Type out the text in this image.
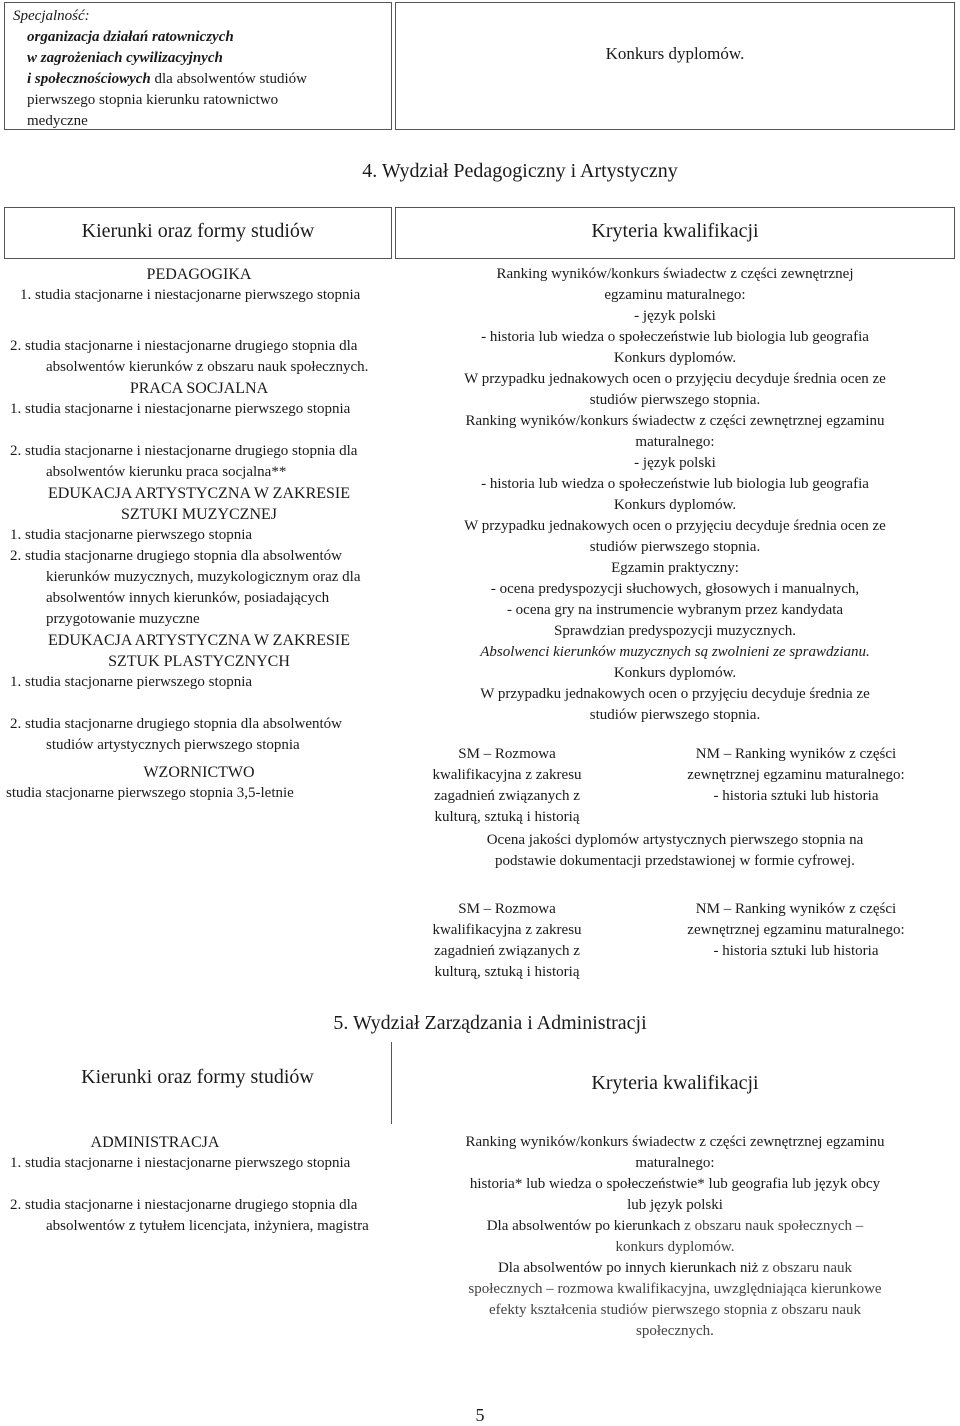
Specjalność:

organizacja działań ratowniczych

w zagrożeniach cywilizacyjnych

i społecznościowych dla absolwentów studiów

pierwszego stopnia kierunku ratownictwo

medyczne

Konkurs dyplomów.

4. Wydział Pedagogiczny i Artystyczny

Kierunki oraz formy studiów	Kryteria kwalifikacji

PEDAGOGIKA

1. studia stacjonarne i niestacjonarne pierwszego stopnia

2. studia stacjonarne i niestacjonarne drugiego stopnia dla absolwentów kierunków z obszaru nauk społecznych.

PRACA SOCJALNA

1. studia stacjonarne i niestacjonarne pierwszego stopnia

2. studia stacjonarne i niestacjonarne drugiego stopnia dla absolwentów kierunku praca socjalna**

EDUKACJA ARTYSTYCZNA W ZAKRESIE

SZTUKI MUZYCZNEJ

1. studia stacjonarne pierwszego stopnia

2. studia stacjonarne drugiego stopnia dla absolwentów kierunków muzycznych, muzykologicznym oraz dla absolwentów innych kierunków, posiadających przygotowanie muzyczne

EDUKACJA ARTYSTYCZNA W ZAKRESIE

SZTUK PLASTYCZNYCH

1. studia stacjonarne pierwszego stopnia

2. studia stacjonarne drugiego stopnia dla absolwentów studiów artystycznych pierwszego stopnia

WZORNICTWO

studia stacjonarne pierwszego stopnia 3,5-letnie

Ranking wyników/konkurs świadectw z części zewnętrznej

egzaminu maturalnego:

- język polski

- historia lub wiedza o społeczeństwie lub biologia lub geografia

Konkurs dyplomów.

W przypadku jednakowych ocen o przyjęciu decyduje średnia ocen ze

studiów pierwszego stopnia.

Ranking wyników/konkurs świadectw z części zewnętrznej egzaminu

maturalnego:

- język polski

- historia lub wiedza o społeczeństwie lub biologia lub geografia

Konkurs dyplomów.

W przypadku jednakowych ocen o przyjęciu decyduje średnia ocen ze

studiów pierwszego stopnia.

Egzamin praktyczny:

- ocena predyspozycji słuchowych, głosowych i manualnych,

- ocena gry na instrumencie wybranym przez kandydata

Sprawdzian predyspozycji muzycznych.

Absolwenci kierunków muzycznych są zwolnieni ze sprawdzianu.

Konkurs dyplomów.

W przypadku jednakowych ocen o przyjęciu decyduje średnia ze

studiów pierwszego stopnia.

SM – Rozmowa

kwalifikacyjna z zakresu

zagadnień związanych z

kulturą, sztuką i historią

NM – Ranking wyników z części

zewnętrznej egzaminu maturalnego:

- historia sztuki lub historia

Ocena jakości dyplomów artystycznych pierwszego stopnia na

podstawie dokumentacji przedstawionej w formie cyfrowej.

SM – Rozmowa

kwalifikacyjna z zakresu

zagadnień związanych z

kulturą, sztuką i historią

NM – Ranking wyników z części

zewnętrznej egzaminu maturalnego:

- historia sztuki lub historia

5. Wydział Zarządzania i Administracji

Kierunki oraz formy studiów	Kryteria kwalifikacji

ADMINISTRACJA

1. studia stacjonarne i niestacjonarne pierwszego stopnia

2. studia stacjonarne i niestacjonarne drugiego stopnia dla absolwentów z tytułem licencjata, inżyniera, magistra

Ranking wyników/konkurs świadectw z części zewnętrznej egzaminu

maturalnego:

historia* lub wiedza o społeczeństwie* lub geografia lub język obcy

lub język polski

Dla absolwentów po kierunkach z obszaru nauk społecznych –

konkurs dyplomów.

Dla absolwentów po innych kierunkach niż z obszaru nauk

społecznych – rozmowa kwalifikacyjna, uwzględniająca kierunkowe

efekty kształcenia studiów pierwszego stopnia z obszaru nauk

społecznych.

5
